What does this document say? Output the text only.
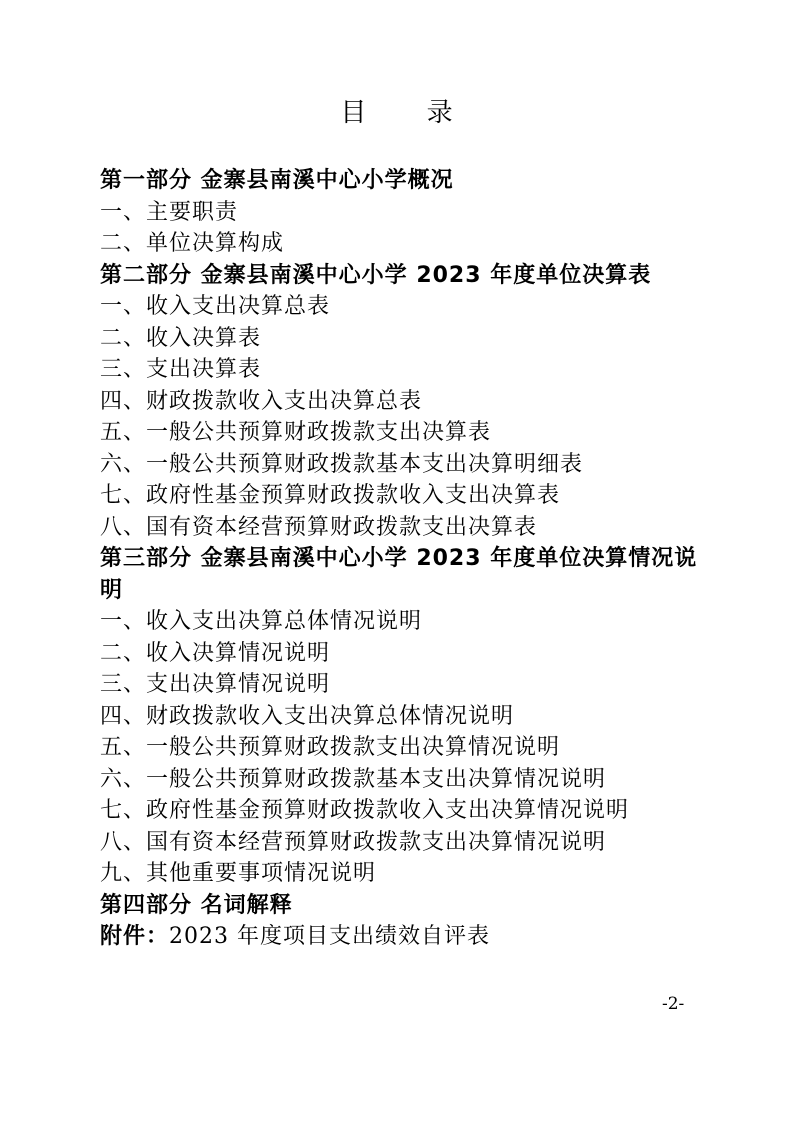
目 录
第一部分 金寨县南溪中心小学概况
一、主要职责
二、单位决算构成
第二部分 金寨县南溪中心小学 2023 年度单位决算表
一、收入支出决算总表
二、收入决算表
三、支出决算表
四、财政拨款收入支出决算总表
五、一般公共预算财政拨款支出决算表
六、一般公共预算财政拨款基本支出决算明细表
七、政府性基金预算财政拨款收入支出决算表
八、国有资本经营预算财政拨款支出决算表
第三部分 金寨县南溪中心小学 2023 年度单位决算情况说明
一、收入支出决算总体情况说明
二、收入决算情况说明
三、支出决算情况说明
四、财政拨款收入支出决算总体情况说明
五、一般公共预算财政拨款支出决算情况说明
六、一般公共预算财政拨款基本支出决算情况说明
七、政府性基金预算财政拨款收入支出决算情况说明
八、国有资本经营预算财政拨款支出决算情况说明
九、其他重要事项情况说明
第四部分 名词解释
附件：2023 年度项目支出绩效自评表
-2-
